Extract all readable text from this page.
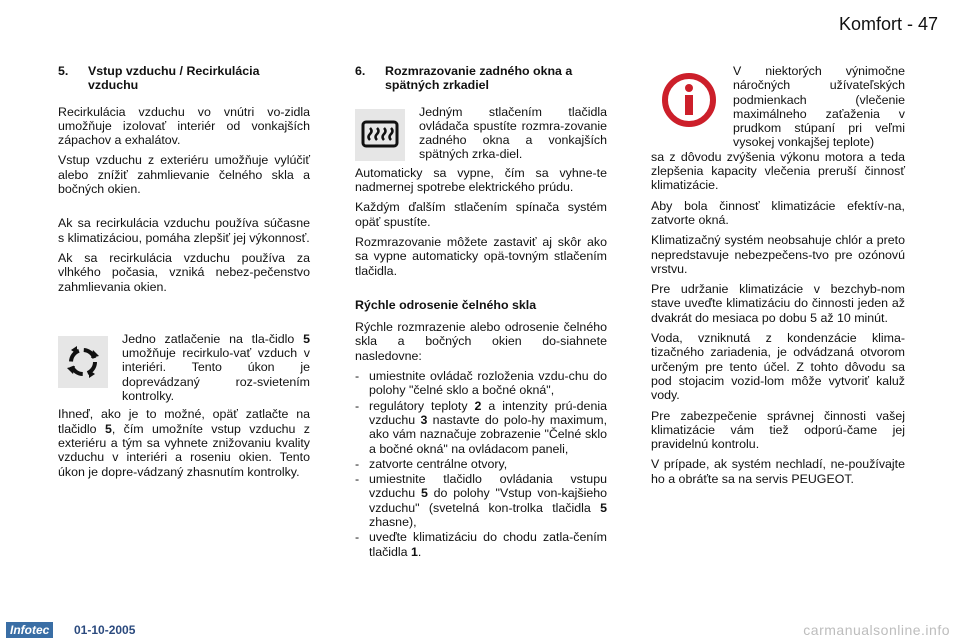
Komfort - 47
5.	Vstup vzduchu / Recirkulácia vzduchu

Recirkulácia vzduchu vo vnútri vo-zidla umožňuje izolovať interiér od vonkajších zápachov a exhalátov.

Vstup vzduchu z exteriéru umožňuje vylúčiť alebo znížiť zahmlievanie čelného skla a bočných okien.

Ak sa recirkulácia vzduchu používa súčasne s klimatizáciou, pomáha zlepšiť jej výkonnosť.

Ak sa recirkulácia vzduchu používa za vlhkého počasia, vzniká nebez-pečenstvo zahmlievania okien.

Jedno zatlačenie na tla-čidlo 5 umožňuje recirkulo-vať vzduch v interiéri. Tento úkon je doprevádzaný roz-svietením kontrolky.

Ihneď, ako je to možné, opäť zatlačte na tlačidlo 5, čím umožníte vstup vzduchu z exteriéru a tým sa vyhnete znižovaniu kvality vzduchu v interiéri a roseniu okien. Tento úkon je dopre-vádzaný zhasnutím kontrolky.

6.	Rozmrazovanie zadného okna a spätných zrkadiel

Jedným stlačením tlačidla ovládača spustíte rozmra-zovanie zadného okna a vonkajších spätných zrka-diel.

Automaticky sa vypne, čím sa vyhne-te nadmernej spotrebe elektrického prúdu.

Každým ďalším stlačením spínača systém opäť spustíte.

Rozmrazovanie môžete zastaviť aj skôr ako sa vypne automaticky opä-tovným stlačením tlačidla.

Rýchle odrosenie čelného skla

Rýchle rozmrazenie alebo odrosenie čelného skla a bočných okien do-siahnete nasledovne:

- umiestnite ovládač rozloženia vzdu-chu do polohy "čelné sklo a bočné okná",
- regulátory teploty 2 a intenzity prú-denia vzduchu 3 nastavte do polo-hy maximum, ako vám naznačuje zobrazenie "Čelné sklo a bočné okná" na ovládacom paneli,
- zatvorte centrálne otvory,
- umiestnite tlačidlo ovládania vstupu vzduchu 5 do polohy "Vstup von-kajšieho vzduchu" (svetelná kon-trolka tlačidla 5 zhasne),
- uveďte klimatizáciu do chodu zatla-čením tlačidla 1.

V niektorých výnimočne náročných užívateľských podmienkach (vlečenie maximálneho zaťaženia v prudkom stúpaní pri veľmi vysokej vonkajšej teplote)

sa z dôvodu zvýšenia výkonu motora a teda zlepšenia kapacity vlečenia preruší činnosť klimatizácie.

Aby bola činnosť klimatizácie efektív-na, zatvorte okná.

Klimatizačný systém neobsahuje chlór a preto nepredstavuje nebezpečens-tvo pre ozónovú vrstvu.

Pre udržanie klimatizácie v bezchyb-nom stave uveďte klimatizáciu do činnosti jeden až dvakrát do mesiaca po dobu 5 až 10 minút.

Voda, vzniknutá z kondenzácie klima-tizačného zariadenia, je odvádzaná otvorom určeným pre tento účel. Z tohto dôvodu sa pod stojacim vozid-lom môže vytvoriť kaluž vody.

Pre zabezpečenie správnej činnosti vašej klimatizácie vám tiež odporú-čame jej pravidelnú kontrolu.

V prípade, ak systém nechladí, ne-používajte ho a obráťte sa na servis PEUGEOT.

Infotec	01-10-2005	carmanualsonline.info
